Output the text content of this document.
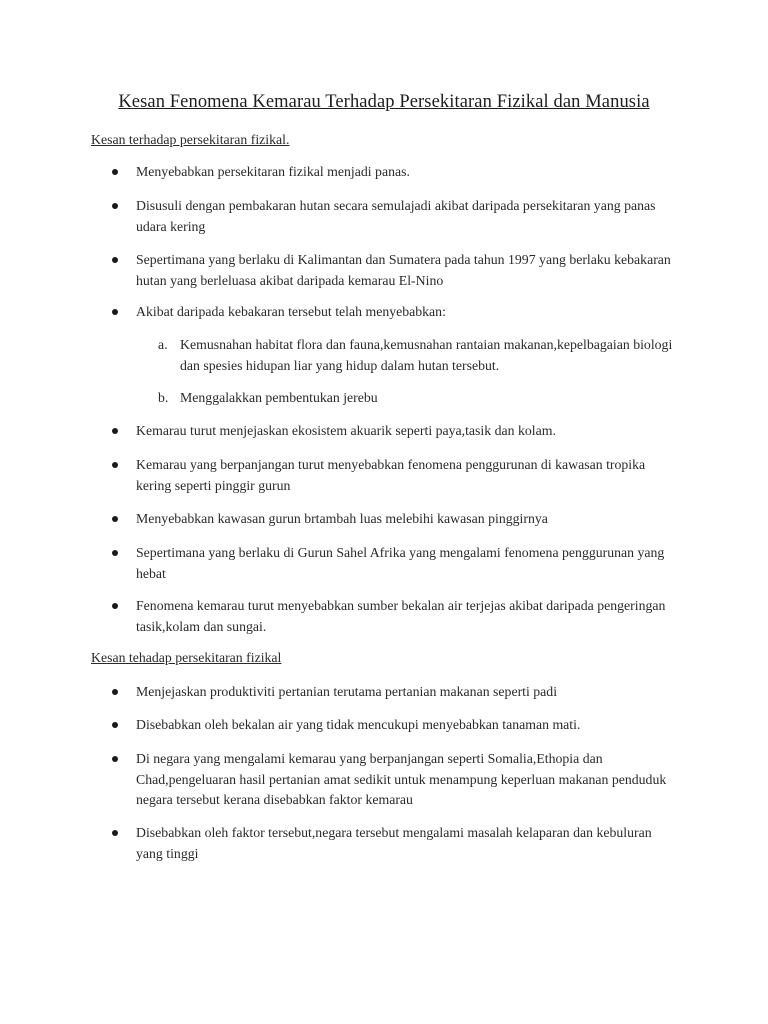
Kesan Fenomena Kemarau Terhadap Persekitaran Fizikal dan Manusia

Kesan terhadap persekitaran fizikal.

Menyebabkan persekitaran fizikal menjadi panas.
Disusuli dengan pembakaran hutan secara semulajadi akibat daripada persekitaran yang panas udara kering
Sepertimana yang berlaku di Kalimantan dan Sumatera pada tahun 1997 yang berlaku kebakaran hutan yang berleluasa akibat daripada kemarau El-Nino
Akibat daripada kebakaran tersebut telah menyebabkan:
a. Kemusnahan habitat flora dan fauna,kemusnahan rantaian makanan,kepelbagaian biologi dan spesies hidupan liar yang hidup dalam hutan tersebut.
b. Menggalakkan pembentukan jerebu
Kemarau turut menjejaskan ekosistem akuarik seperti paya,tasik dan kolam.
Kemarau yang berpanjangan turut menyebabkan fenomena penggurunan di kawasan tropika kering seperti pinggir gurun
Menyebabkan kawasan gurun brtambah luas melebihi kawasan pinggirnya
Sepertimana yang berlaku di Gurun Sahel Afrika yang mengalami fenomena penggurunan yang hebat
Fenomena kemarau turut menyebabkan sumber bekalan air terjejas akibat daripada pengeringan tasik,kolam dan sungai.

Kesan tehadap persekitaran fizikal

Menjejaskan produktiviti pertanian terutama pertanian makanan seperti padi
Disebabkan oleh bekalan air yang tidak mencukupi menyebabkan tanaman mati.
Di negara yang mengalami kemarau yang berpanjangan seperti Somalia,Ethopia dan Chad,pengeluaran hasil pertanian amat sedikit untuk menampung keperluan makanan penduduk negara tersebut kerana disebabkan faktor kemarau
Disebabkan oleh faktor tersebut,negara tersebut mengalami masalah kelaparan dan kebuluran yang tinggi
